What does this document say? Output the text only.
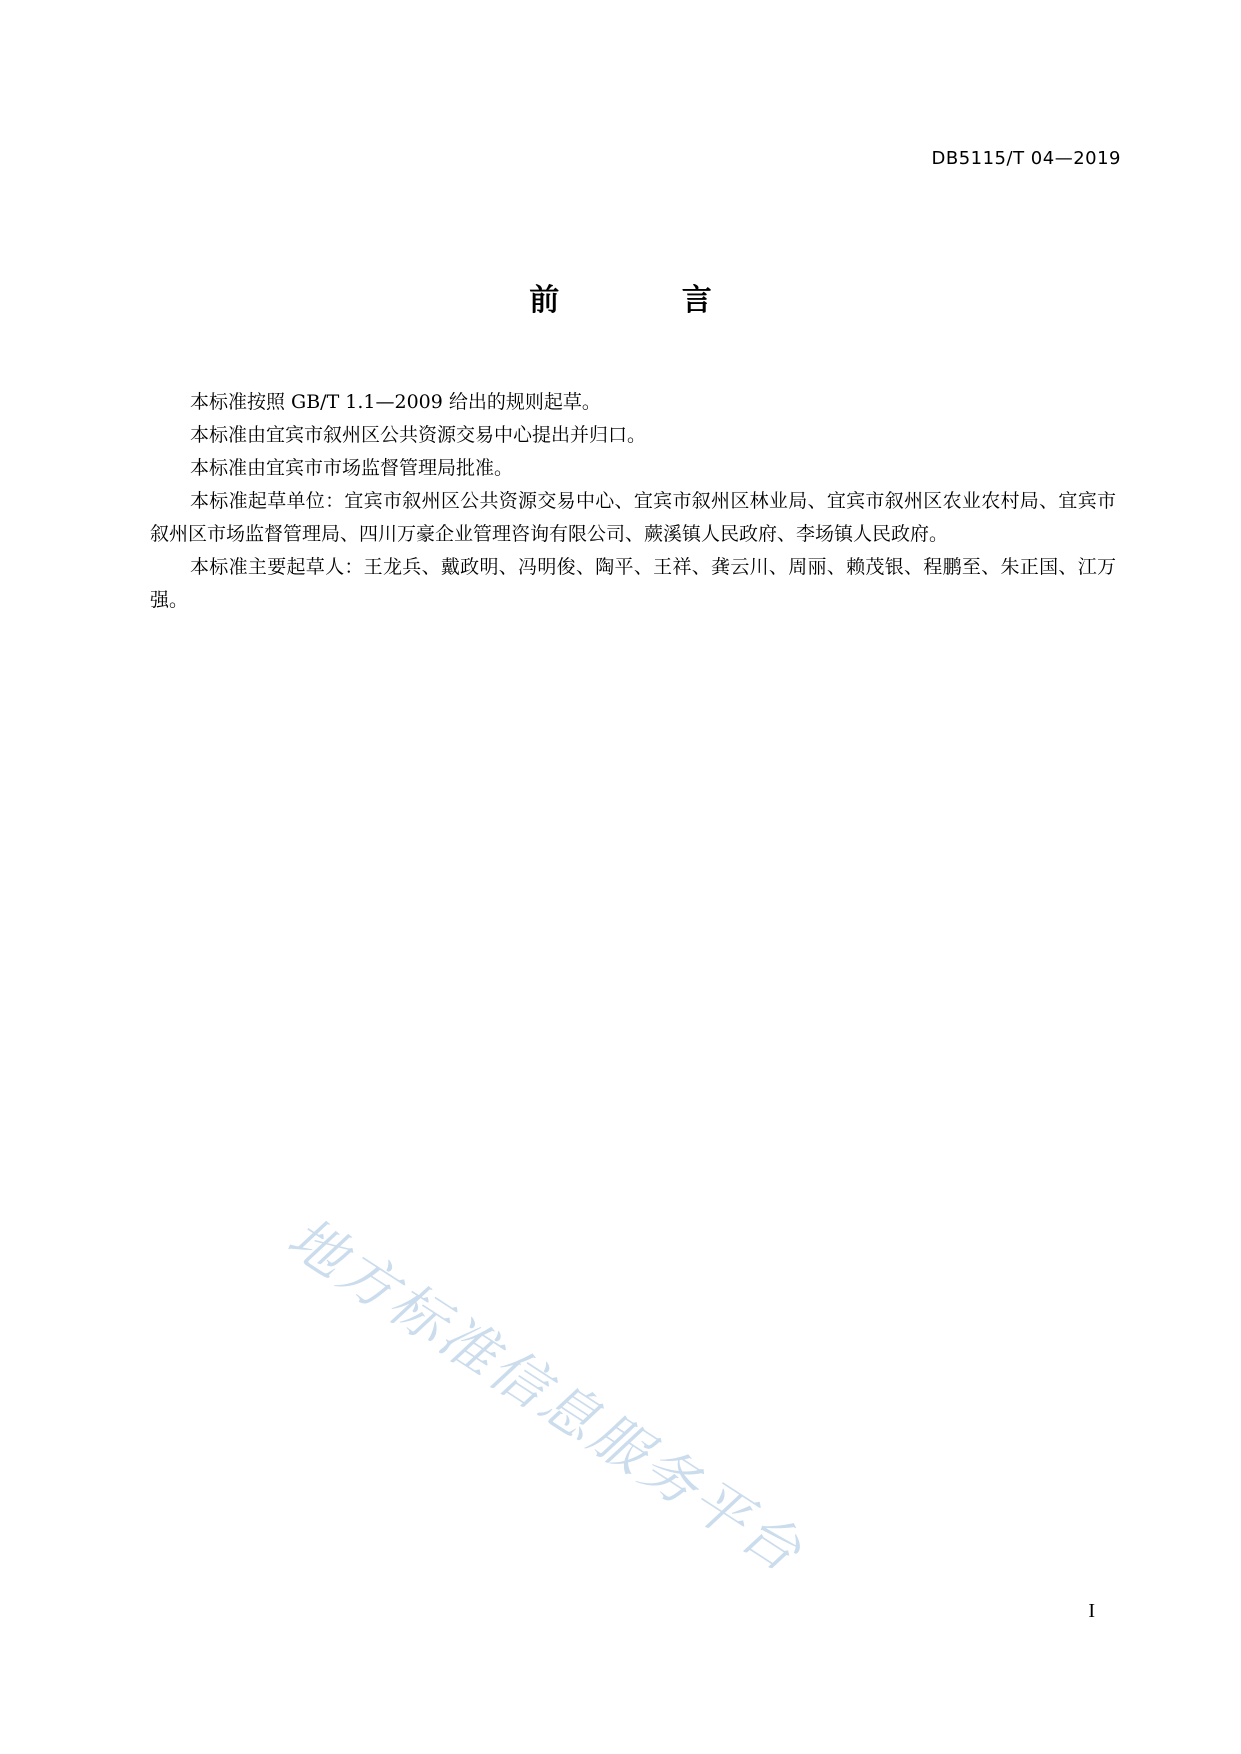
DB5115/T 04—2019
前 言

本标准按照 GB/T 1.1—2009 给出的规则起草。

本标准由宜宾市叙州区公共资源交易中心提出并归口。

本标准由宜宾市市场监督管理局批准。

本标准起草单位：宜宾市叙州区公共资源交易中心、宜宾市叙州区林业局、宜宾市叙州区农业农村局、宜宾市叙州区市场监督管理局、四川万豪企业管理咨询有限公司、蕨溪镇人民政府、李场镇人民政府。

本标准主要起草人：王龙兵、戴政明、冯明俊、陶平、王祥、龚云川、周丽、赖茂银、程鹏至、朱正国、江万强。

地方标准信息服务平台
I
